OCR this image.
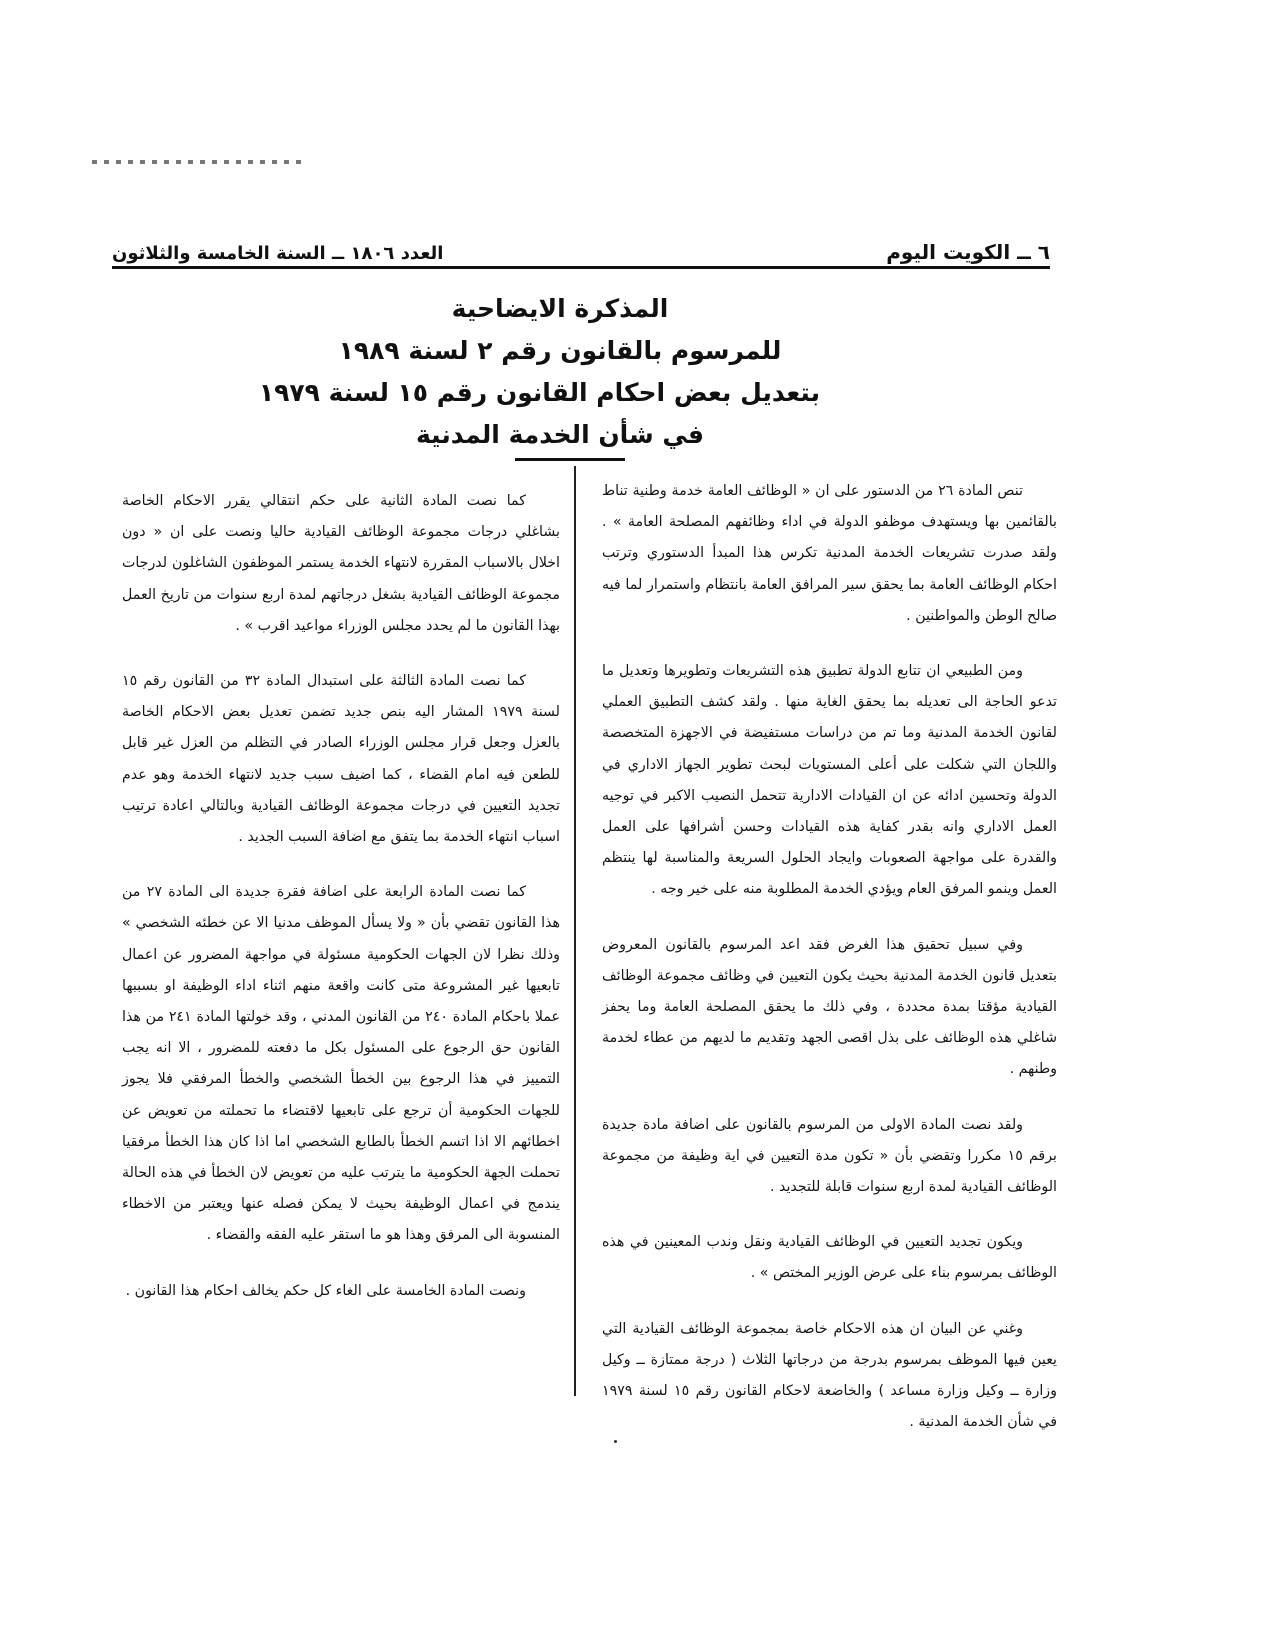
العدد ١٨٠٦ ــ السنة الخامسة والثلاثون	٦ ــ الكويت اليوم
المذكرة الايضاحية
للمرسوم بالقانون رقم ٢ لسنة ١٩٨٩
بتعديل بعض احكام القانون رقم ١٥ لسنة ١٩٧٩
في شأن الخدمة المدنية

تنص المادة ٢٦ من الدستور على ان « الوظائف العامة خدمة وطنية تناط بالقائمين بها ويستهدف موظفو الدولة في اداء وظائفهم المصلحة العامة » . ولقد صدرت تشريعات الخدمة المدنية تكرس هذا المبدأ الدستوري وترتب احكام الوظائف العامة بما يحقق سير المرافق العامة بانتظام واستمرار لما فيه صالح الوطن والمواطنين .

ومن الطبيعي ان تتابع الدولة تطبيق هذه التشريعات وتطويرها وتعديل ما تدعو الحاجة الى تعديله بما يحقق الغاية منها . ولقد كشف التطبيق العملي لقانون الخدمة المدنية وما تم من دراسات مستفيضة في الاجهزة المتخصصة واللجان التي شكلت على أعلى المستويات لبحث تطوير الجهاز الاداري في الدولة وتحسين ادائه عن ان القيادات الادارية تتحمل النصيب الاكبر في توجيه العمل الاداري وانه بقدر كفاية هذه القيادات وحسن أشرافها على العمل والقدرة على مواجهة الصعوبات وايجاد الحلول السريعة والمناسبة لها ينتظم العمل وينمو المرفق العام ويؤدي الخدمة المطلوبة منه على خير وجه .

وفي سبيل تحقيق هذا الغرض فقد اعد المرسوم بالقانون المعروض بتعديل قانون الخدمة المدنية بحيث يكون التعيين في وظائف مجموعة الوظائف القيادية مؤقتا بمدة محددة ، وفي ذلك ما يحقق المصلحة العامة وما يحفز شاغلي هذه الوظائف على بذل اقصى الجهد وتقديم ما لديهم من عطاء لخدمة وطنهم .

ولقد نصت المادة الاولى من المرسوم بالقانون على اضافة مادة جديدة برقم ١٥ مكررا وتقضي بأن « تكون مدة التعيين في اية وظيفة من مجموعة الوظائف القيادية لمدة اربع سنوات قابلة للتجديد .

ويكون تجديد التعيين في الوظائف القيادية ونقل وندب المعينين في هذه الوظائف بمرسوم بناء على عرض الوزير المختص » .

وغني عن البيان ان هذه الاحكام خاصة بمجموعة الوظائف القيادية التي يعين فيها الموظف بمرسوم بدرجة من درجاتها الثلاث ( درجة ممتازة ــ وكيل وزارة ــ وكيل وزارة مساعد ) والخاضعة لاحكام القانون رقم ١٥ لسنة ١٩٧٩ في شأن الخدمة المدنية .

كما نصت المادة الثانية على حكم انتقالي يقرر الاحكام الخاصة بشاغلي درجات مجموعة الوظائف القيادية حاليا ونصت على ان « دون اخلال بالاسباب المقررة لانتهاء الخدمة يستمر الموظفون الشاغلون لدرجات مجموعة الوظائف القيادية بشغل درجاتهم لمدة اربع سنوات من تاريخ العمل بهذا القانون ما لم يحدد مجلس الوزراء مواعيد اقرب » .

كما نصت المادة الثالثة على استبدال المادة ٣٢ من القانون رقم ١٥ لسنة ١٩٧٩ المشار اليه بنص جديد تضمن تعديل بعض الاحكام الخاصة بالعزل وجعل قرار مجلس الوزراء الصادر في التظلم من العزل غير قابل للطعن فيه امام القضاء ، كما اضيف سبب جديد لانتهاء الخدمة وهو عدم تجديد التعيين في درجات مجموعة الوظائف القيادية وبالتالي اعادة ترتيب اسباب انتهاء الخدمة بما يتفق مع اضافة السبب الجديد .

كما نصت المادة الرابعة على اضافة فقرة جديدة الى المادة ٢٧ من هذا القانون تقضي بأن « ولا يسأل الموظف مدنيا الا عن خطئه الشخصي » وذلك نظرا لان الجهات الحكومية مسئولة في مواجهة المضرور عن اعمال تابعيها غير المشروعة متى كانت واقعة منهم اثناء اداء الوظيفة او بسببها عملا باحكام المادة ٢٤٠ من القانون المدني ، وقد خولتها المادة ٢٤١ من هذا القانون حق الرجوع على المسئول بكل ما دفعته للمضرور ، الا انه يجب التمييز في هذا الرجوع بين الخطأ الشخصي والخطأ المرفقي فلا يجوز للجهات الحكومية أن ترجع على تابعيها لاقتضاء ما تحملته من تعويض عن اخطائهم الا اذا اتسم الخطأ بالطابع الشخصي اما اذا كان هذا الخطأ مرفقيا تحملت الجهة الحكومية ما يترتب عليه من تعويض لان الخطأ في هذه الحالة يندمج في اعمال الوظيفة بحيث لا يمكن فصله عنها ويعتبر من الاخطاء المنسوبة الى المرفق وهذا هو ما استقر عليه الفقه والقضاء .

ونصت المادة الخامسة على الغاء كل حكم يخالف احكام هذا القانون .
